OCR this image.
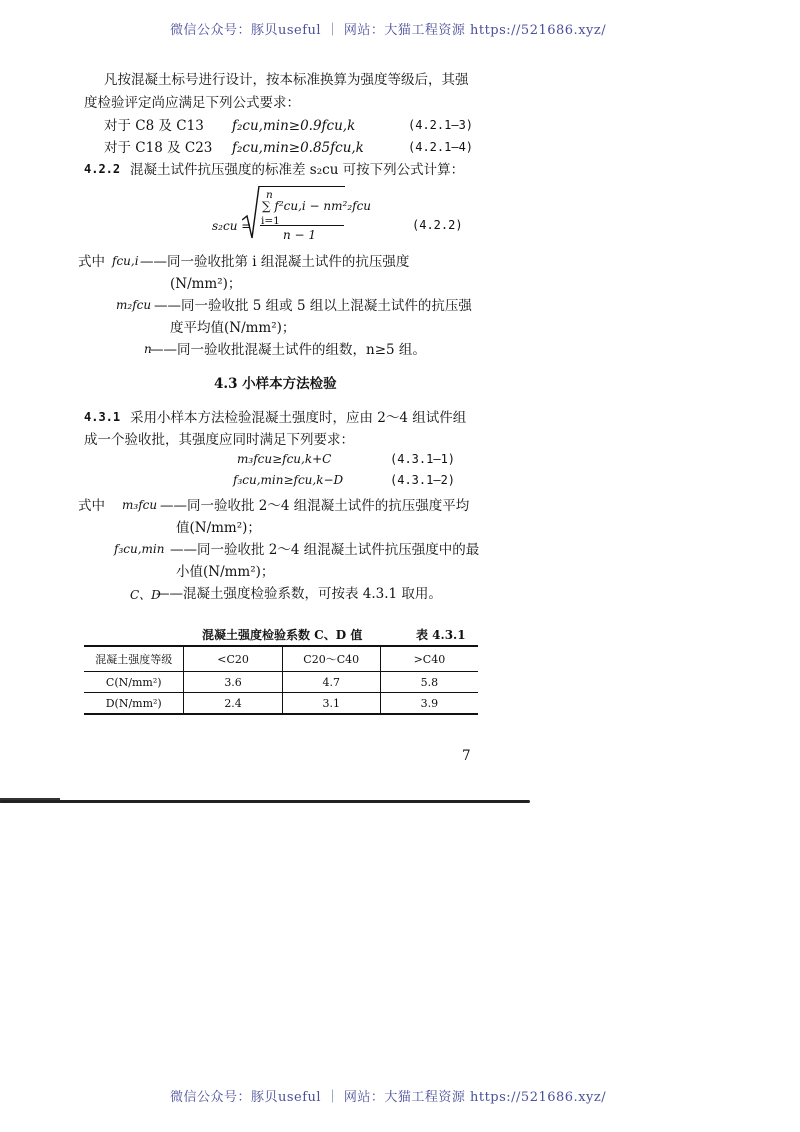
微信公众号：豚贝useful ｜ 网站：大猫工程资源 https://521686.xyz/
微信公众号：豚贝useful ｜ 网站：大猫工程资源 https://521686.xyz/
凡按混凝土标号进行设计，按本标准换算为强度等级后，其强
度检验评定尚应满足下列公式要求：
对于 C8 及 C13 f₂cu,min≥0.9fcu,k	(4.2.1—3)
对于 C18 及 C23 f₂cu,min≥0.85fcu,k	(4.2.1—4)
4.2.2 混凝土试件抗压强度的标准差 s₂cu 可按下列公式计算：
s₂cu =
n
∑ f²cu,i − nm²₂fcu
i=1
n − 1
(4.2.2)
式中 fcu,i ——同一验收批第 i 组混凝土试件的抗压强度
(N/mm²)；
m₂fcu ——同一验收批 5 组或 5 组以上混凝土试件的抗压强
度平均值(N/mm²)；
n
——同一验收批混凝土试件的组数，n≥5 组。
4.3 小样本方法检验
4.3.1 采用小样本方法检验混凝土强度时，应由 2～4 组试件组
成一个验收批，其强度应同时满足下列要求：
m₃fcu≥fcu,k+C	(4.3.1—1)
f₃cu,min≥fcu,k−D	(4.3.1—2)
式中 m₃fcu ——同一验收批 2～4 组混凝土试件的抗压强度平均
值(N/mm²)；
f₃cu,min ——同一验收批 2～4 组混凝土试件抗压强度中的最
小值(N/mm²)；
C、D
——混凝土强度检验系数，可按表 4.3.1 取用。
混凝土强度检验系数 C、D 值	表 4.3.1
混凝土强度等级	<C20	C20～C40	>C40
C(N/mm²)	3.6	4.7	5.8
D(N/mm²)	2.4	3.1	3.9
7
